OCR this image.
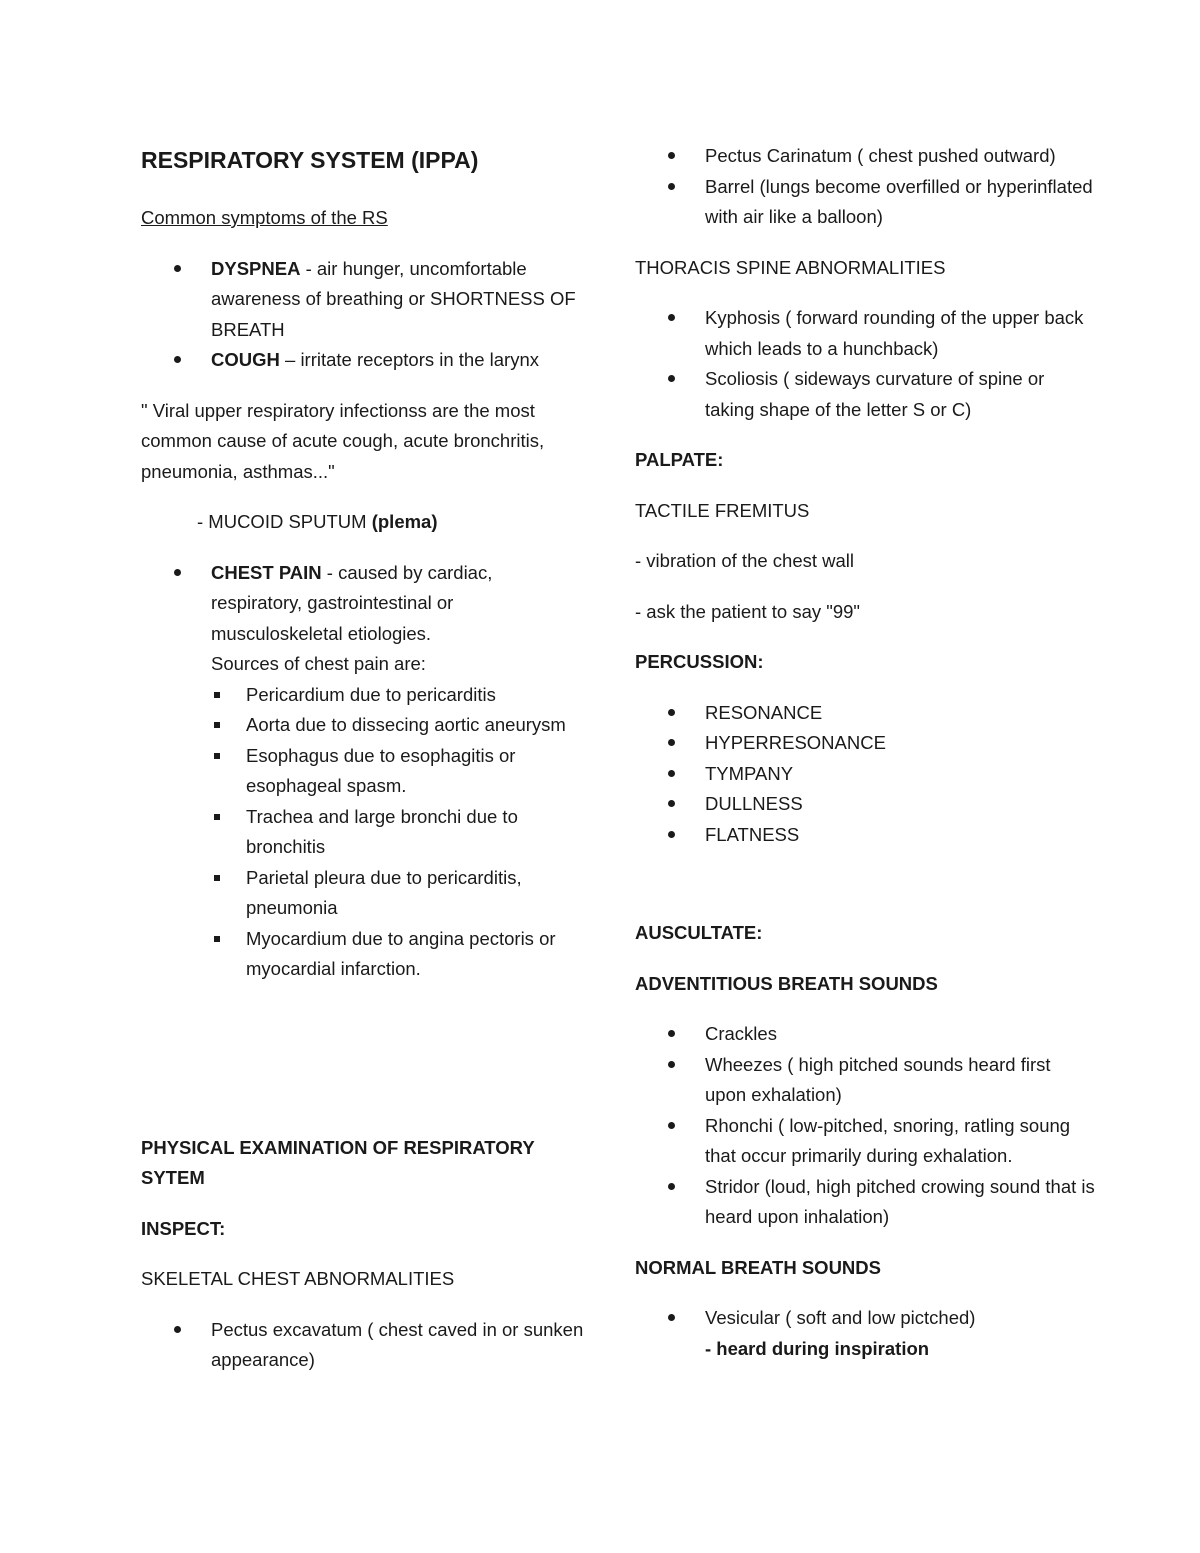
RESPIRATORY SYSTEM (IPPA)
Common symptoms of the RS
DYSPNEA - air hunger, uncomfortable awareness of breathing or SHORTNESS OF BREATH
COUGH – irritate receptors in the larynx
" Viral upper respiratory infectionss are the most common cause of acute cough, acute bronchritis, pneumonia, asthmas..."
- MUCOID SPUTUM (plema)
CHEST PAIN - caused by cardiac, respiratory, gastrointestinal or musculoskeletal etiologies.
Sources of chest pain are:
Pericardium due to pericarditis
Aorta due to dissecing aortic aneurysm
Esophagus due to esophagitis or esophageal spasm.
Trachea and large bronchi due to bronchitis
Parietal pleura due to pericarditis, pneumonia
Myocardium due to angina pectoris or myocardial infarction.
PHYSICAL EXAMINATION OF RESPIRATORY SYTEM
INSPECT:
SKELETAL CHEST ABNORMALITIES
Pectus excavatum ( chest caved in or sunken appearance)
Pectus Carinatum ( chest pushed outward)
Barrel (lungs become overfilled or hyperinflated with air like a balloon)
THORACIS SPINE ABNORMALITIES
Kyphosis ( forward rounding of the upper back which leads to a hunchback)
Scoliosis ( sideways curvature of spine or taking shape of the letter S or C)
PALPATE:
TACTILE FREMITUS
- vibration of the chest wall
- ask the patient to say "99"
PERCUSSION:
RESONANCE
HYPERRESONANCE
TYMPANY
DULLNESS
FLATNESS
AUSCULTATE:
ADVENTITIOUS BREATH SOUNDS
Crackles
Wheezes ( high pitched sounds heard first upon exhalation)
Rhonchi ( low-pitched, snoring, ratling soung that occur primarily during exhalation.
Stridor (loud, high pitched crowing sound that is heard upon inhalation)
NORMAL BREATH SOUNDS
Vesicular ( soft and low pictched)
- heard during inspiration
